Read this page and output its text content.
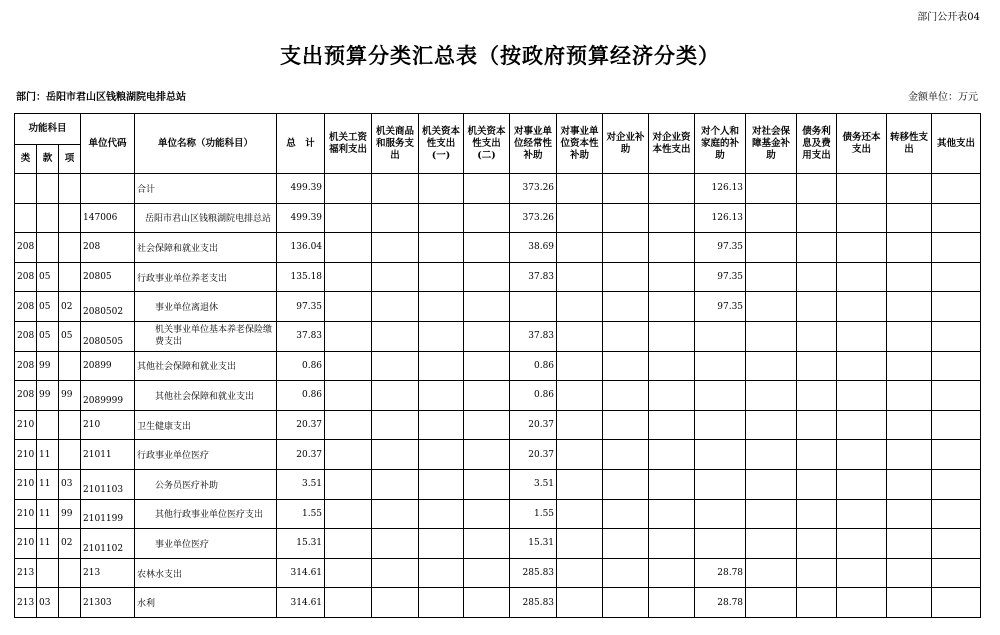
部门公开表04
支出预算分类汇总表（按政府预算经济分类）
部门：岳阳市君山区钱粮湖院电排总站	金额单位：万元
功能科目			单位代码	单位名称（功能科目）	总　计	机关工资福利支出	机关商品和服务支出	机关资本性支出(一)	机关资本性支出(二)	对事业单位经常性补助	对事业单位资本性补助	对企业补助	对企业资本性支出	对个人和家庭的补助	对社会保障基金补助	债务利息及费用支出	债务还本支出	转移性支出	其他支出
类	款	项																	
				合计	499.39					373.26				126.13					
			147006	岳阳市君山区钱粮湖院电排总站	499.39					373.26				126.13					
208			208	社会保障和就业支出	136.04					38.69				97.35					
208	05		20805	行政事业单位养老支出	135.18					37.83				97.35					
208	05	02	2080502	事业单位离退休	97.35									97.35					
208	05	05	2080505	机关事业单位基本养老保险缴费支出	37.83					37.83									
208	99		20899	其他社会保障和就业支出	0.86					0.86									
208	99	99	2089999	其他社会保障和就业支出	0.86					0.86									
210			210	卫生健康支出	20.37					20.37									
210	11		21011	行政事业单位医疗	20.37					20.37									
210	11	03	2101103	公务员医疗补助	3.51					3.51									
210	11	99	2101199	其他行政事业单位医疗支出	1.55					1.55									
210	11	02	2101102	事业单位医疗	15.31					15.31									
213			213	农林水支出	314.61					285.83				28.78					
213	03		21303	水利	314.61					285.83				28.78					
